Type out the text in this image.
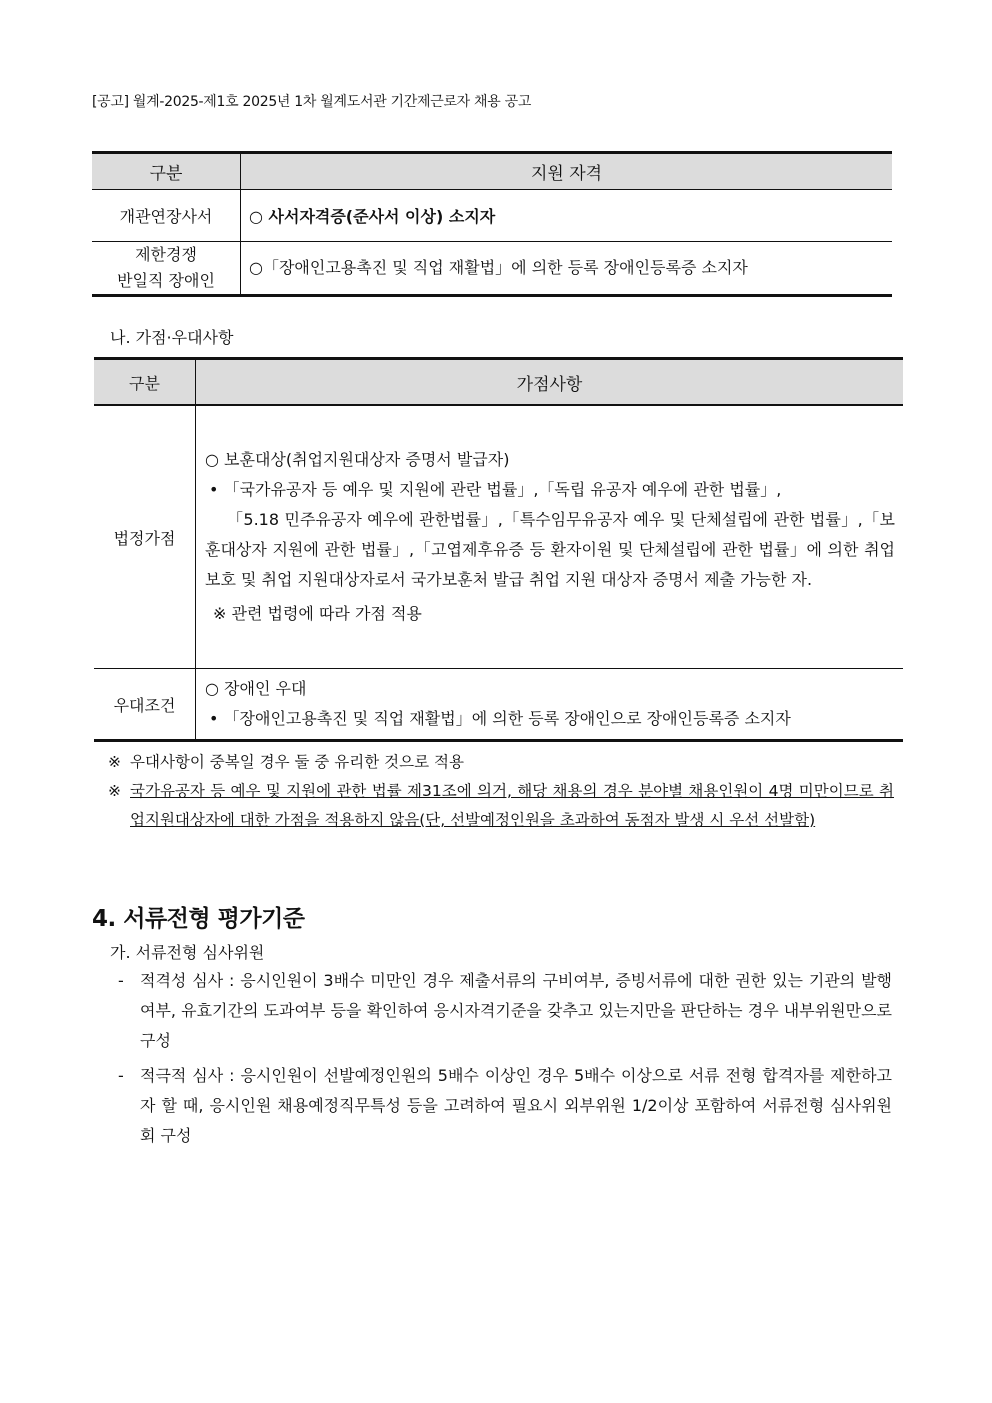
[공고] 월계-2025-제1호 2025년 1차 월계도서관 기간제근로자 채용 공고
구분	지원 자격
개관연장사서	○ 사서자격증(준사서 이상) 소지자

제한경쟁
반일직 장애인	○「장애인고용촉진 및 직업 재활법」에 의한 등록 장애인등록증 소지자
나. 가점·우대사항
구분	가점사항
법정가점	○ 보훈대상(취업지원대상자 증명서 발급자)
• 「국가유공자 등 예우 및 지원에 관란 법률」,「독립 유공자 예우에 관한 법률」,
「5.18 민주유공자 예우에 관한법률」,「특수임무유공자 예우 및 단체설립에 관한 법률」,「보훈대상자 지원에 관한 법률」,「고엽제후유증 등 환자이원 및 단체설립에 관한 법률」에 의한 취업 보호 및 취업 지원대상자로서 국가보훈처 발급 취업 지원 대상자 증명서 제출 가능한 자.
※ 관련 법령에 따라 가점 적용

우대조건	○ 장애인 우대
• 「장애인고용촉진 및 직업 재활법」에 의한 등록 장애인으로 장애인등록증 소지자
※ 우대사항이 중복일 경우 둘 중 유리한 것으로 적용
※ 국가유공자 등 예우 및 지원에 관한 법률 제31조에 의거, 해당 채용의 경우 분야별 채용인원이 4명 미만이므로 취업지원대상자에 대한 가점을 적용하지 않음(단, 선발예정인원을 초과하여 동점자 발생 시 우선 선발함)
4. 서류전형 평가기준
가. 서류전형 심사위원
-	적격성 심사 : 응시인원이 3배수 미만인 경우 제출서류의 구비여부, 증빙서류에 대한 권한 있는 기관의 발행여부, 유효기간의 도과여부 등을 확인하여 응시자격기준을 갖추고 있는지만을 판단하는 경우 내부위원만으로 구성
-	적극적 심사 : 응시인원이 선발예정인원의 5배수 이상인 경우 5배수 이상으로 서류 전형 합격자를 제한하고자 할 때, 응시인원 채용예정직무특성 등을 고려하여 필요시 외부위원 1/2이상 포함하여 서류전형 심사위원회 구성
